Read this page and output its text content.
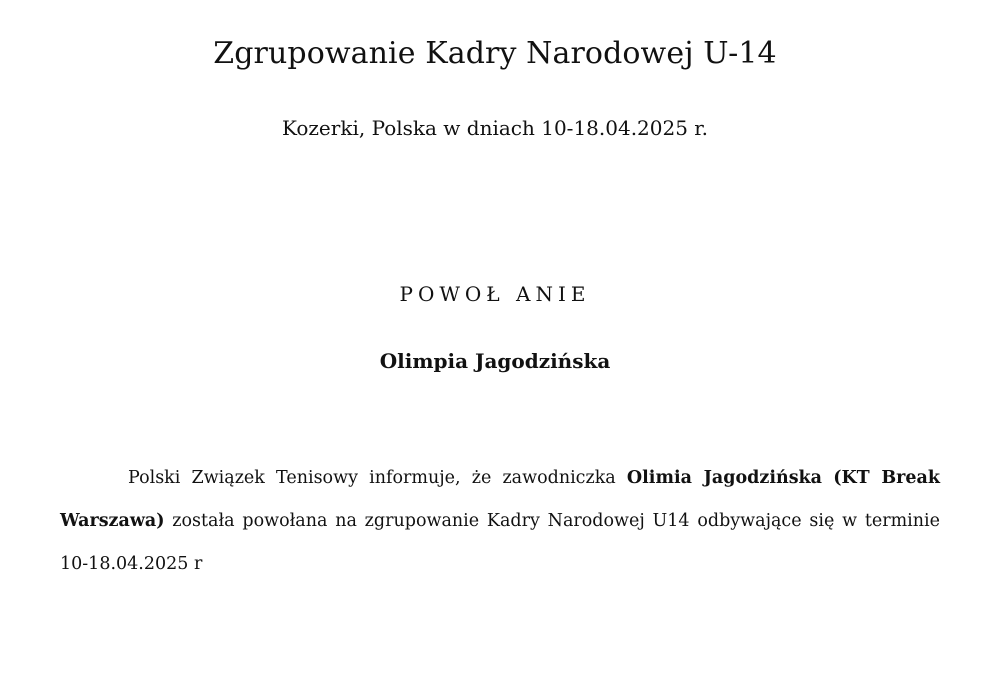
Zgrupowanie Kadry Narodowej U-14
Kozerki, Polska w dniach 10-18.04.2025 r.
POWOŁ ANIE
Olimpia Jagodzińska

Polski Związek Tenisowy informuje, że zawodniczka Olimia Jagodzińska (KT Break Warszawa) została powołana na zgrupowanie Kadry Narodowej U14 odbywające się w terminie 10-18.04.2025 r
